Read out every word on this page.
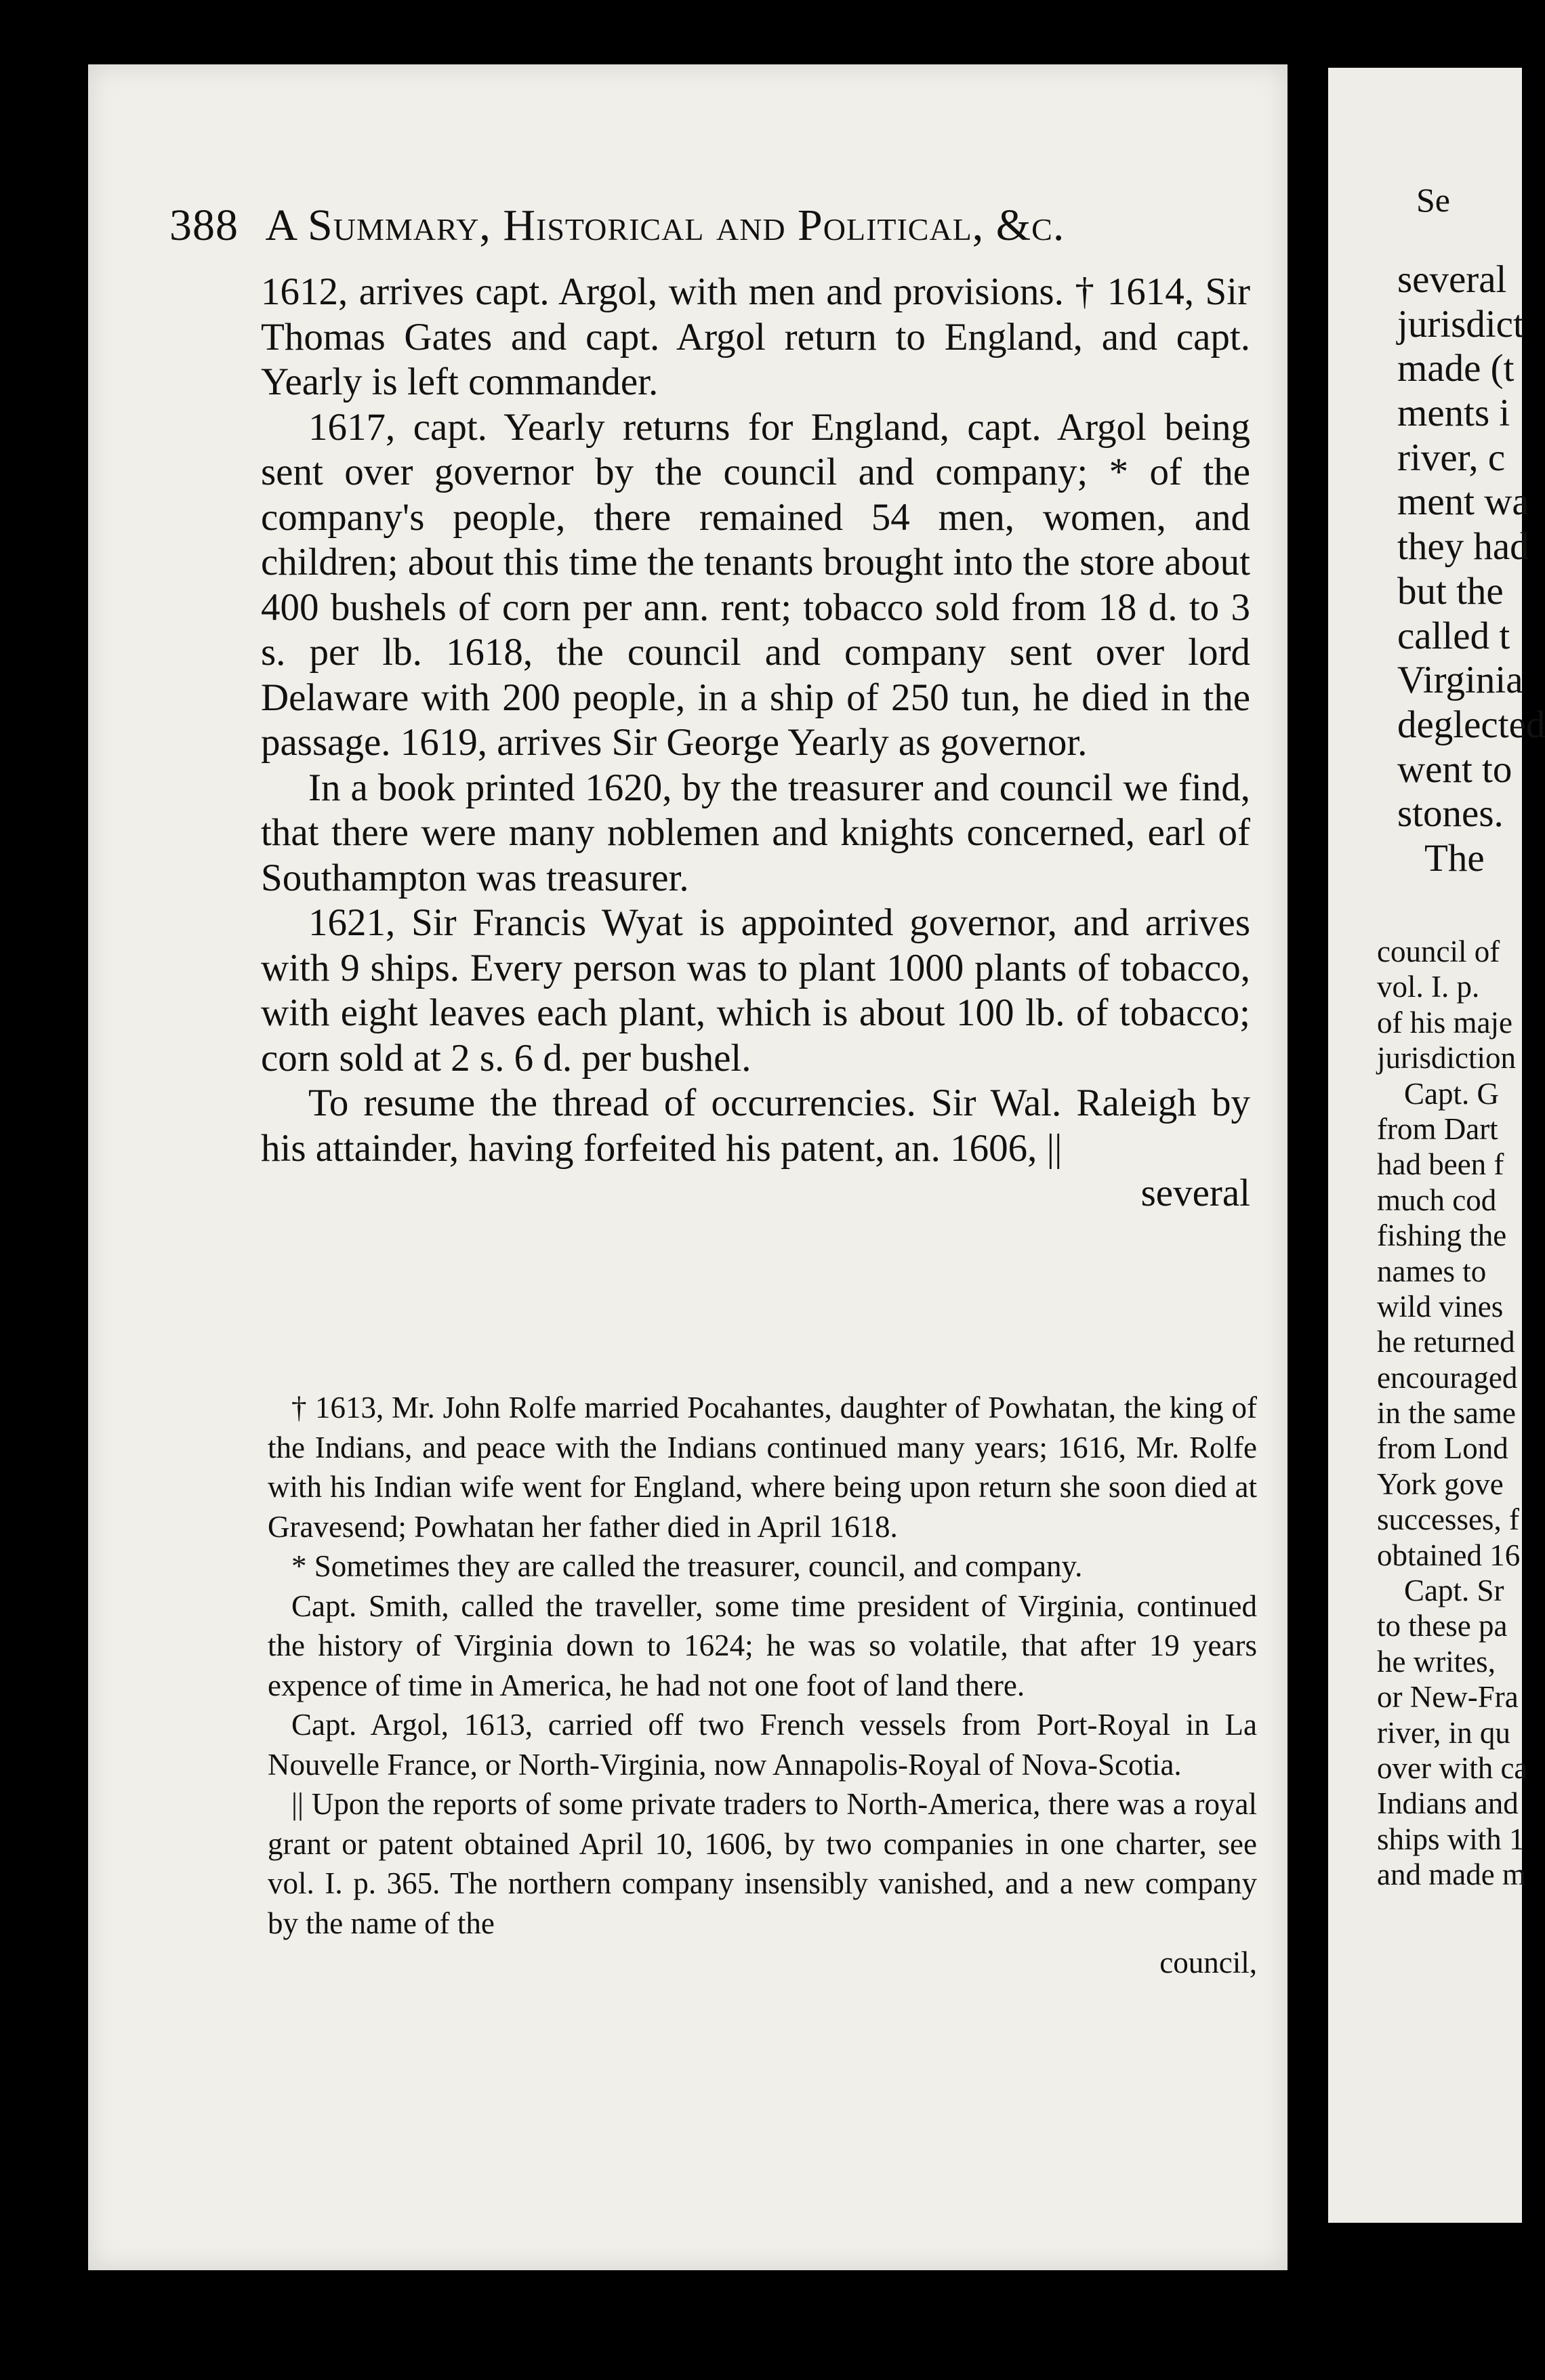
388 A Summary, Historical and Political, &c.

1612, arrives capt. Argol, with men and provisions. † 1614, Sir Thomas Gates and capt. Argol return to England, and capt. Yearly is left commander.

1617, capt. Yearly returns for England, capt. Argol being sent over governor by the council and company; * of the company's people, there remained 54 men, women, and children; about this time the tenants brought into the store about 400 bushels of corn per ann. rent; tobacco sold from 18 d. to 3 s. per lb. 1618, the council and company sent over lord Delaware with 200 people, in a ship of 250 tun, he died in the passage. 1619, arrives Sir George Yearly as governor.

In a book printed 1620, by the treasurer and council we find, that there were many noblemen and knights concerned, earl of Southampton was treasurer.

1621, Sir Francis Wyat is appointed governor, and arrives with 9 ships. Every person was to plant 1000 plants of tobacco, with eight leaves each plant, which is about 100 lb. of tobacco; corn sold at 2 s. 6 d. per bushel.

To resume the thread of occurrencies. Sir Wal. Raleigh by his attainder, having forfeited his patent, an. 1606, ||

several

† 1613, Mr. John Rolfe married Pocahantes, daughter of Powhatan, the king of the Indians, and peace with the Indians continued many years; 1616, Mr. Rolfe with his Indian wife went for England, where being upon return she soon died at Gravesend; Powhatan her father died in April 1618.

* Sometimes they are called the treasurer, council, and company.

Capt. Smith, called the traveller, some time president of Virginia, continued the history of Virginia down to 1624; he was so volatile, that after 19 years expence of time in America, he had not one foot of land there.

Capt. Argol, 1613, carried off two French vessels from Port-Royal in La Nouvelle France, or North-Virginia, now Annapolis-Royal of Nova-Scotia.

|| Upon the reports of some private traders to North-America, there was a royal grant or patent obtained April 10, 1606, by two companies in one charter, see vol. I. p. 365. The northern company insensibly vanished, and a new company by the name of the

council,

Se
several
jurisdict
made (t
ments i
river, c
ment wa
they had
but the
called t
Virginia
deglected
went to
stones.
The
council of
vol. I. p.
of his maje
jurisdiction
Capt. G
from Dart
had been f
much cod
fishing the
names to
wild vines
he returned
encouraged
in the same
from Lond
York gove
successes, f
obtained 16
Capt. Sr
to these pa
he writes,
or New-Fra
river, in qu
over with ca
Indians and
ships with 1
and made m
